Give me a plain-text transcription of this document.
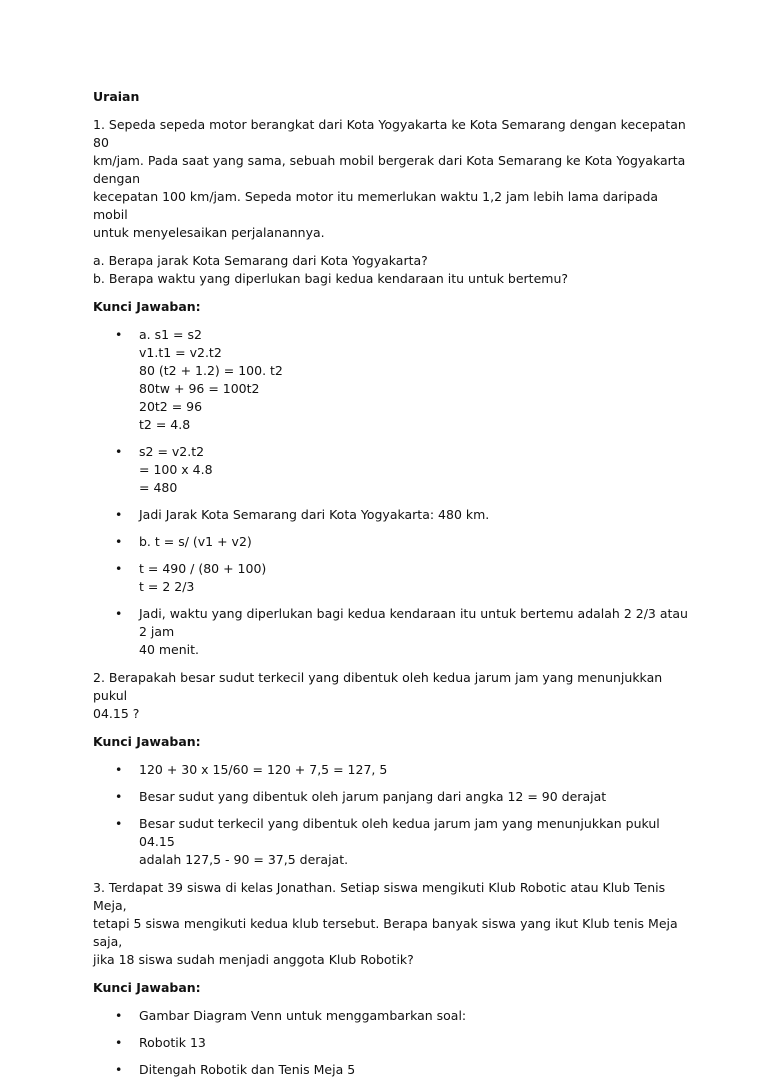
Uraian

1. Sepeda sepeda motor berangkat dari Kota Yogyakarta ke Kota Semarang dengan kecepatan 80

km/jam. Pada saat yang sama, sebuah mobil bergerak dari Kota Semarang ke Kota Yogyakarta dengan

kecepatan 100 km/jam. Sepeda motor itu memerlukan waktu 1,2 jam lebih lama daripada mobil

untuk menyelesaikan perjalanannya.

a. Berapa jarak Kota Semarang dari Kota Yogyakarta?

b. Berapa waktu yang diperlukan bagi kedua kendaraan itu untuk bertemu?

Kunci Jawaban:

• a. s1 = s2

v1.t1 = v2.t2

80 (t2 + 1.2) = 100. t2

80tw + 96 = 100t2

20t2 = 96

t2 = 4.8

• s2 = v2.t2

= 100 x 4.8

= 480

• Jadi Jarak Kota Semarang dari Kota Yogyakarta: 480 km.

• b. t = s/ (v1 + v2)

• t = 490 / (80 + 100)

t = 2 2/3

• Jadi, waktu yang diperlukan bagi kedua kendaraan itu untuk bertemu adalah 2 2/3 atau 2 jam

40 menit.

2. Berapakah besar sudut terkecil yang dibentuk oleh kedua jarum jam yang menunjukkan pukul

04.15 ?

Kunci Jawaban:

• 120 + 30 x 15/60 = 120 + 7,5 = 127, 5

• Besar sudut yang dibentuk oleh jarum panjang dari angka 12 = 90 derajat

• Besar sudut terkecil yang dibentuk oleh kedua jarum jam yang menunjukkan pukul 04.15

adalah 127,5 - 90 = 37,5 derajat.

3. Terdapat 39 siswa di kelas Jonathan. Setiap siswa mengikuti Klub Robotic atau Klub Tenis Meja,

tetapi 5 siswa mengikuti kedua klub tersebut. Berapa banyak siswa yang ikut Klub tenis Meja saja,

jika 18 siswa sudah menjadi anggota Klub Robotik?

Kunci Jawaban:

• Gambar Diagram Venn untuk menggambarkan soal:

• Robotik 13

• Ditengah Robotik dan Tenis Meja 5
